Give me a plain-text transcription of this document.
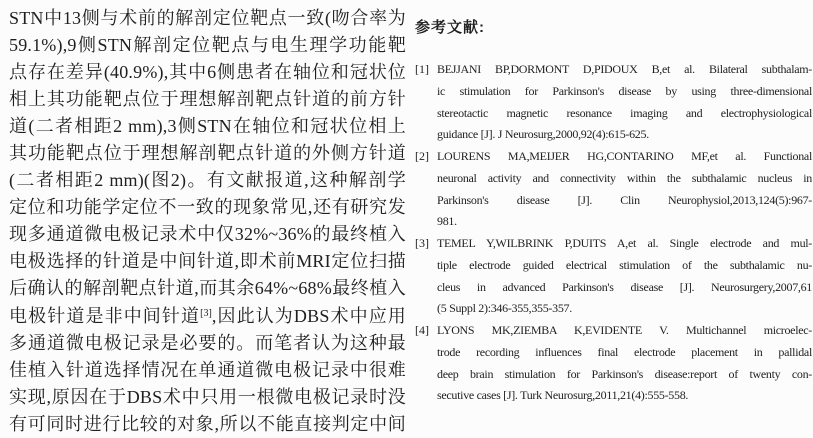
STN中13侧与术前的解剖定位靶点一致(吻合率为
59.1%),9侧STN解剖定位靶点与电生理学功能靶
点存在差异(40.9%),其中6侧患者在轴位和冠状位
相上其功能靶点位于理想解剖靶点针道的前方针
道(二者相距2 mm),3侧STN在轴位和冠状位相上
其功能靶点位于理想解剖靶点针道的外侧方针道
(二者相距2 mm)(图2)。有文献报道,这种解剖学
定位和功能学定位不一致的现象常见,还有研究发
现多通道微电极记录术中仅32%~36%的最终植入
电极选择的针道是中间针道,即术前MRI定位扫描
后确认的解剖靶点针道,而其余64%~68%最终植入
电极针道是非中间针道[3],因此认为DBS术中应用
多通道微电极记录是必要的。而笔者认为这种最
佳植入针道选择情况在单通道微电极记录中很难
实现,原因在于DBS术中只用一根微电极记录时没
有可同时进行比较的对象,所以不能直接判定中间
参考文献:
[1] BEJJANI BP,DORMONT D,PIDOUX B,et al. Bilateral subthalam-
ic stimulation for Parkinson's disease by using three-dimensional
stereotactic magnetic resonance imaging and electrophysiological
guidance [J]. J Neurosurg,2000,92(4):615-625.
[2] LOURENS MA,MEIJER HG,CONTARINO MF,et al. Functional
neuronal activity and connectivity within the subthalamic nucleus in
Parkinson's disease [J]. Clin Neurophysiol,2013,124(5):967-
981.
[3] TEMEL Y,WILBRINK P,DUITS A,et al. Single electrode and mul-
tiple electrode guided electrical stimulation of the subthalamic nu-
cleus in advanced Parkinson's disease [J]. Neurosurgery,2007,61
(5 Suppl 2):346-355,355-357.
[4] LYONS MK,ZIEMBA K,EVIDENTE V. Multichannel microelec-
trode recording influences final electrode placement in pallidal
deep brain stimulation for Parkinson's disease:report of twenty con-
secutive cases [J]. Turk Neurosurg,2011,21(4):555-558.
